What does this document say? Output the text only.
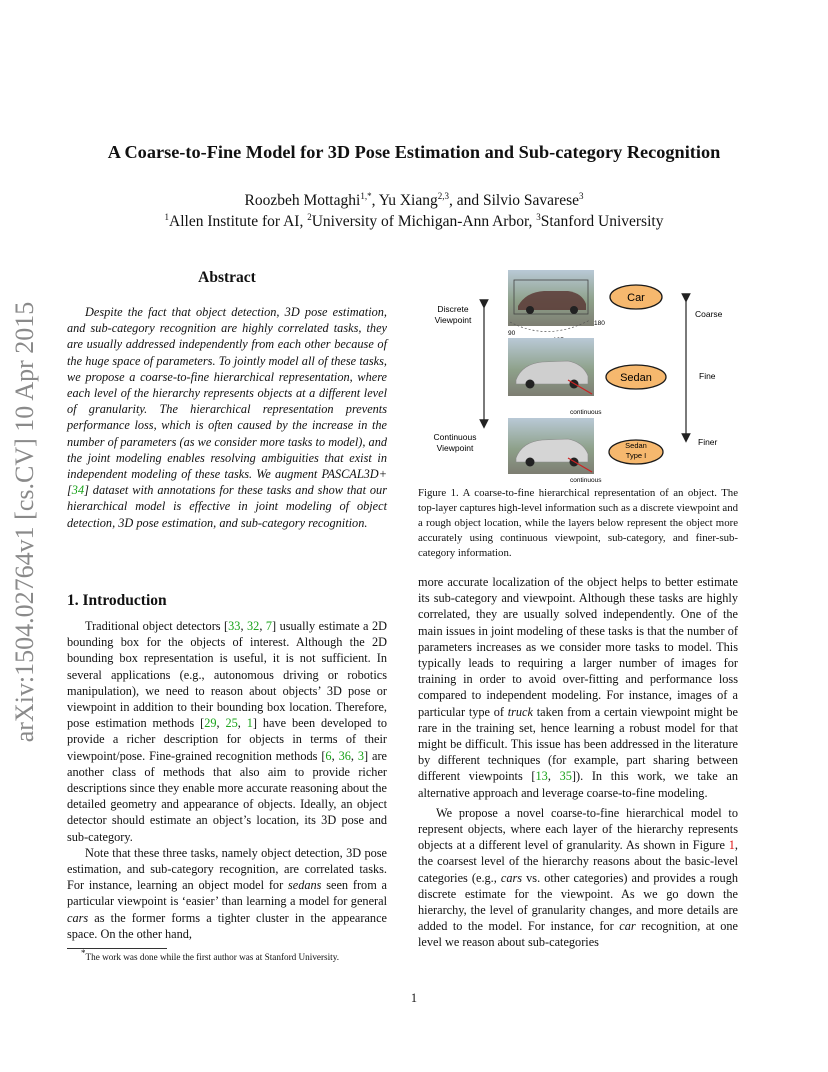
arXiv:1504.02764v1 [cs.CV] 10 Apr 2015
A Coarse-to-Fine Model for 3D Pose Estimation and Sub-category Recognition
Roozbeh Mottaghi$^{1,*}$, Yu Xiang$^{2,3}$, and Silvio Savarese$^3$
$^1$Allen Institute for AI, $^2$University of Michigan-Ann Arbor, $^3$Stanford University
Abstract

Despite the fact that object detection, 3D pose estimation, and sub-category recognition are highly correlated tasks, they are usually addressed independently from each other because of the huge space of parameters. To jointly model all of these tasks, we propose a coarse-to-fine hierarchical representation, where each level of the hierarchy represents objects at a different level of granularity. The hierarchical representation prevents performance loss, which is often caused by the increase in the number of parameters (as we consider more tasks to model), and the joint modeling enables resolving ambiguities that exist in independent modeling of these tasks. We augment PASCAL3D+ [34] dataset with annotations for these tasks and show that our hierarchical model is effective in joint modeling of object detection, 3D pose estimation, and sub-category recognition.

1. Introduction

Traditional object detectors [33, 32, 7] usually estimate a 2D bounding box for the objects of interest. Although the 2D bounding box representation is useful, it is not sufficient. In several applications (e.g., autonomous driving or robotics manipulation), we need to reason about objects’ 3D pose or viewpoint in addition to their bounding box location. Therefore, pose estimation methods [29, 25, 1] have been developed to provide a richer description for objects in terms of their viewpoint/pose. Fine-grained recognition methods [6, 36, 3] are another class of methods that also aim to provide richer descriptions since they enable more accurate reasoning about the detailed geometry and appearance of objects. Ideally, an object detector should estimate an object’s location, its 3D pose and sub-category.

Note that these three tasks, namely object detection, 3D pose estimation, and sub-category recognition, are correlated tasks. For instance, learning an object model for sedans seen from a particular viewpoint is ‘easier’ than learning a model for general cars as the former forms a tighter cluster in the appearance space. On the other hand,

*The work was done while the first author was at Stanford University.
Discrete
Viewpoint
Continuous
Viewpoint
Coarse
Fine
Finer
90
180
continuous
continuous
Car
Sedan
Sedan
Type I
Figure 1. A coarse-to-fine hierarchical representation of an object. The top-layer captures high-level information such as a discrete viewpoint and a rough object location, while the layers below represent the object more accurately using continuous viewpoint, sub-category, and finer-sub-category information.

more accurate localization of the object helps to better estimate its sub-category and viewpoint. Although these tasks are highly correlated, they are usually solved independently. One of the main issues in joint modeling of these tasks is that the number of parameters increases as we consider more tasks to model. This typically leads to requiring a larger number of images for training in order to avoid over-fitting and performance loss compared to independent modeling. For instance, images of a particular type of truck taken from a certain viewpoint might be rare in the training set, hence learning a robust model for that might be difficult. This issue has been addressed in the literature by different techniques (for example, part sharing between different viewpoints [13, 35]). In this work, we take an alternative approach and leverage coarse-to-fine modeling.

We propose a novel coarse-to-fine hierarchical model to represent objects, where each layer of the hierarchy represents objects at a different level of granularity. As shown in Figure 1, the coarsest level of the hierarchy reasons about the basic-level categories (e.g., cars vs. other categories) and provides a rough discrete estimate for the viewpoint. As we go down the hierarchy, the level of granularity changes, and more details are added to the model. For instance, for car recognition, at one level we reason about sub-categories

1
